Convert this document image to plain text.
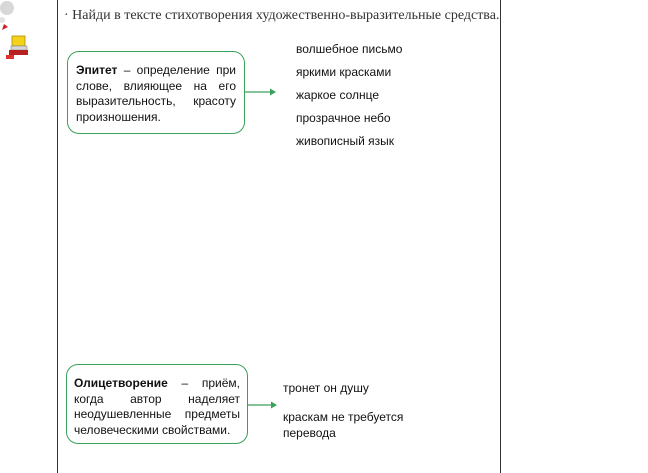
· Найди в тексте стихотворения художественно-выразительные средства.
Эпитет – определение при слове, влияющее на его выразительность, красоту произношения.
волшебное письмо
яркими красками
жаркое солнце
прозрачное небо
живописный язык
Олицетворение – приём, когда автор наделяет неодушевленные предметы человеческими свойствами.
тронет он душу
краскам не требуется
перевода
